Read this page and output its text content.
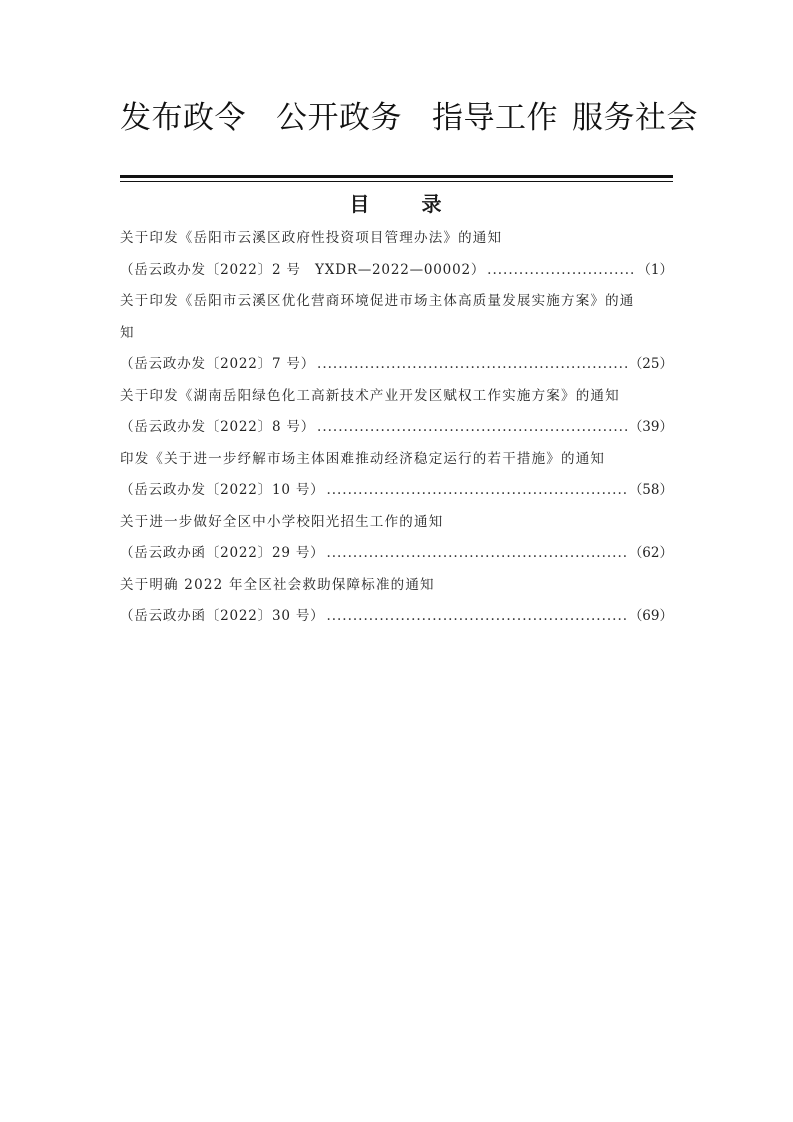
发布政令 公开政务 指导工作 服务社会
目	录
关于印发《岳阳市云溪区政府性投资项目管理办法》的通知
（岳云政办发〔2022〕2 号　YXDR—2022—00002） .....	（1）
关于印发《岳阳市云溪区优化营商环境促进市场主体高质量发展实施方案》的通
知
（岳云政办发〔2022〕7 号） .....	（25）
关于印发《湖南岳阳绿色化工高新技术产业开发区赋权工作实施方案》的通知
（岳云政办发〔2022〕8 号） .....	（39）
印发《关于进一步纾解市场主体困难推动经济稳定运行的若干措施》的通知
（岳云政办发〔2022〕10 号） .....	（58）
关于进一步做好全区中小学校阳光招生工作的通知
（岳云政办函〔2022〕29 号） .....	（62）
关于明确 2022 年全区社会救助保障标准的通知
（岳云政办函〔2022〕30 号） .....	（69）
